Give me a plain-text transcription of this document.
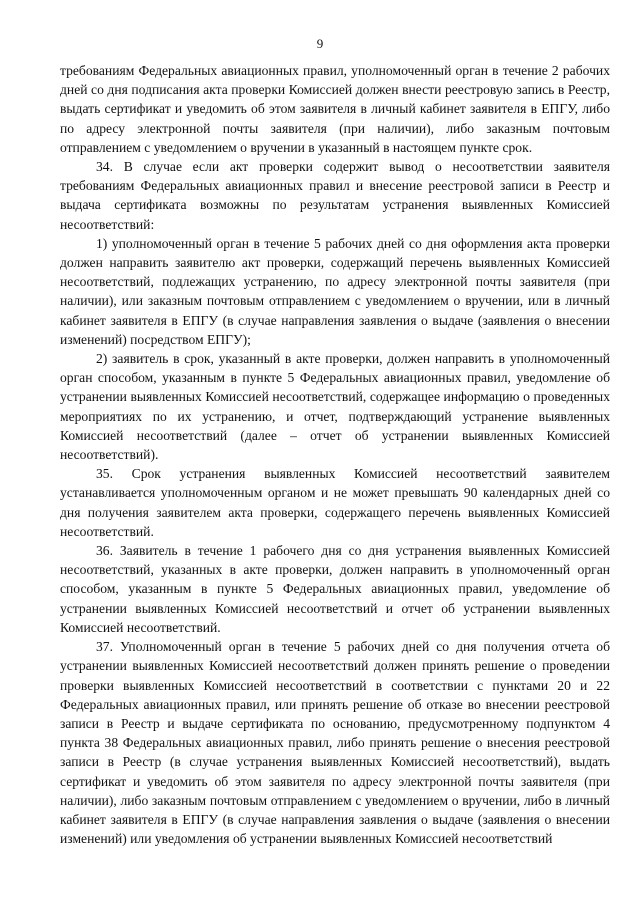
9

требованиям Федеральных авиационных правил, уполномоченный орган в течение 2 рабочих дней со дня подписания акта проверки Комиссией должен внести реестровую запись в Реестр, выдать сертификат и уведомить об этом заявителя в личный кабинет заявителя в ЕПГУ, либо по адресу электронной почты заявителя (при наличии), либо заказным почтовым отправлением с уведомлением о вручении в указанный в настоящем пункте срок.

34. В случае если акт проверки содержит вывод о несоответствии заявителя требованиям Федеральных авиационных правил и внесение реестровой записи в Реестр и выдача сертификата возможны по результатам устранения выявленных Комиссией несоответствий:

1) уполномоченный орган в течение 5 рабочих дней со дня оформления акта проверки должен направить заявителю акт проверки, содержащий перечень выявленных Комиссией несоответствий, подлежащих устранению, по адресу электронной почты заявителя (при наличии), или заказным почтовым отправлением с уведомлением о вручении, или в личный кабинет заявителя в ЕПГУ (в случае направления заявления о выдаче (заявления о внесении изменений) посредством ЕПГУ);

2) заявитель в срок, указанный в акте проверки, должен направить в уполномоченный орган способом, указанным в пункте 5 Федеральных авиационных правил, уведомление об устранении выявленных Комиссией несоответствий, содержащее информацию о проведенных мероприятиях по их устранению, и отчет, подтверждающий устранение выявленных Комиссией несоответствий (далее – отчет об устранении выявленных Комиссией несоответствий).

35. Срок устранения выявленных Комиссией несоответствий заявителем устанавливается уполномоченным органом и не может превышать 90 календарных дней со дня получения заявителем акта проверки, содержащего перечень выявленных Комиссией несоответствий.

36. Заявитель в течение 1 рабочего дня со дня устранения выявленных Комиссией несоответствий, указанных в акте проверки, должен направить в уполномоченный орган способом, указанным в пункте 5 Федеральных авиационных правил, уведомление об устранении выявленных Комиссией несоответствий и отчет об устранении выявленных Комиссией несоответствий.

37. Уполномоченный орган в течение 5 рабочих дней со дня получения отчета об устранении выявленных Комиссией несоответствий должен принять решение о проведении проверки выявленных Комиссией несоответствий в соответствии с пунктами 20 и 22 Федеральных авиационных правил, или принять решение об отказе во внесении реестровой записи в Реестр и выдаче сертификата по основанию, предусмотренному подпунктом 4 пункта 38 Федеральных авиационных правил, либо принять решение о внесения реестровой записи в Реестр (в случае устранения выявленных Комиссией несоответствий), выдать сертификат и уведомить об этом заявителя по адресу электронной почты заявителя (при наличии), либо заказным почтовым отправлением с уведомлением о вручении, либо в личный кабинет заявителя в ЕПГУ (в случае направления заявления о выдаче (заявления о внесении изменений) или уведомления об устранении выявленных Комиссией несоответствий
